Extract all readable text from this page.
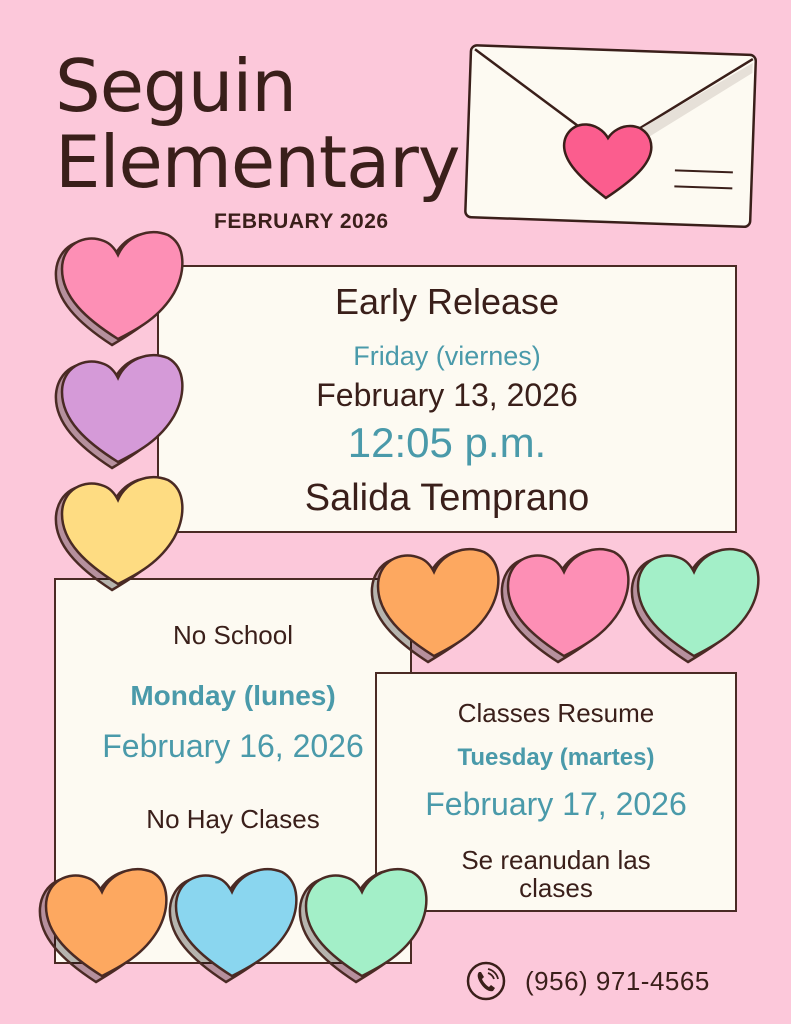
Seguin
Elementary
FEBRUARY 2026
Early Release
Friday (viernes)
February 13, 2026
12:05 p.m.
Salida Temprano
No School
Monday (lunes)
February 16, 2026
No Hay Clases
Classes Resume
Tuesday (martes)
February 17, 2026
Se reanudan las
clases
(956) 971-4565
